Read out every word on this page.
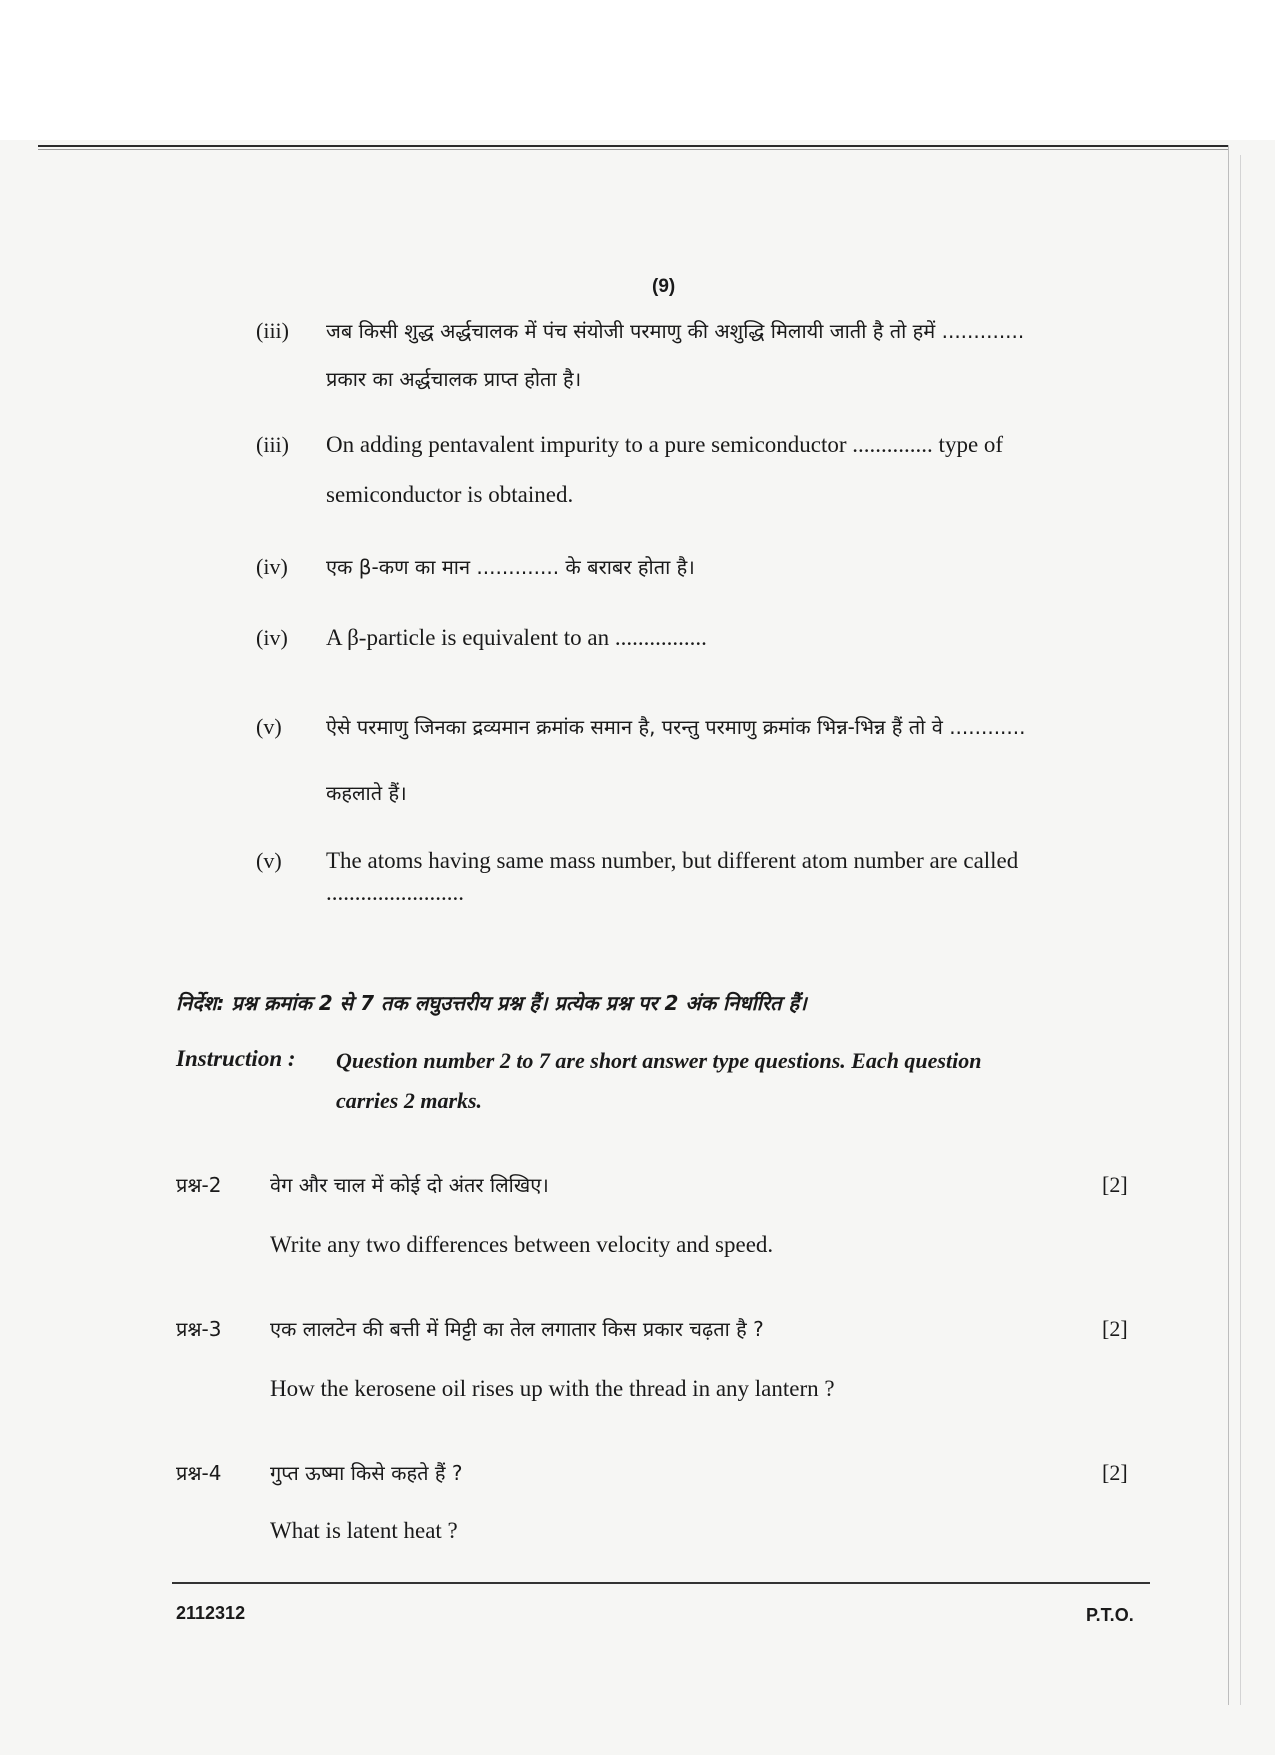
(9)
(iii) जब किसी शुद्ध अर्द्धचालक में पंच संयोजी परमाणु की अशुद्धि मिलायी जाती है तो हमें .............
प्रकार का अर्द्धचालक प्राप्त होता है।
(iii) On adding pentavalent impurity to a pure semiconductor .............. type of
semiconductor is obtained.
(iv) एक β-कण का मान ............. के बराबर होता है।
(iv) A β-particle is equivalent to an ................
(v) ऐसे परमाणु जिनका द्रव्यमान क्रमांक समान है, परन्तु परमाणु क्रमांक भिन्न-भिन्न हैं तो वे ............
कहलाते हैं।
(v) The atoms having same mass number, but different atom number are called
........................
निर्देश: प्रश्न क्रमांक 2 से 7 तक लघुउत्तरीय प्रश्न हैं। प्रत्येक प्रश्न पर 2 अंक निर्धारित हैं।
Instruction : Question number 2 to 7 are short answer type questions. Each question
carries 2 marks.
प्रश्न-2 वेग और चाल में कोई दो अंतर लिखिए।	[2]
Write any two differences between velocity and speed.
प्रश्न-3 एक लालटेन की बत्ती में मिट्टी का तेल लगातार किस प्रकार चढ़ता है ?	[2]
How the kerosene oil rises up with the thread in any lantern ?
प्रश्न-4 गुप्त ऊष्मा किसे कहते हैं ?	[2]
What is latent heat ?
2112312	P.T.O.
